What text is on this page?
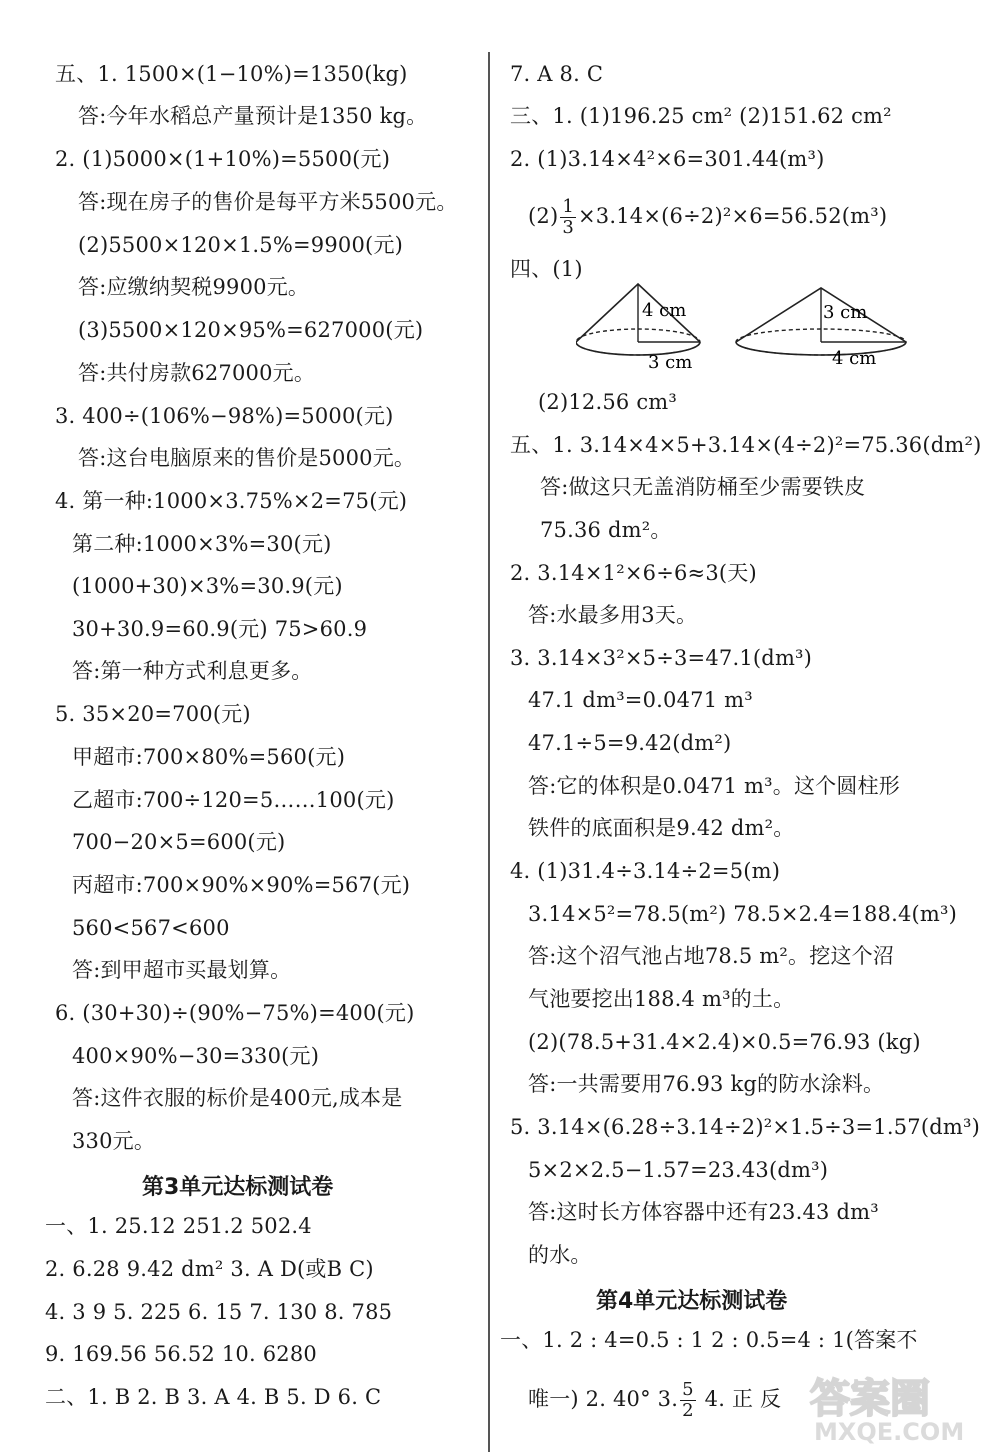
五、1. 1500×(1−10%)=1350(kg)
答:今年水稻总产量预计是1350 kg。
2. (1)5000×(1+10%)=5500(元)
答:现在房子的售价是每平方米5500元。
(2)5500×120×1.5%=9900(元)
答:应缴纳契税9900元。
(3)5500×120×95%=627000(元)
答:共付房款627000元。
3. 400÷(106%−98%)=5000(元)
答:这台电脑原来的售价是5000元。
4. 第一种:1000×3.75%×2=75(元)
第二种:1000×3%=30(元)
(1000+30)×3%=30.9(元)
30+30.9=60.9(元) 75>60.9
答:第一种方式利息更多。
5. 35×20=700(元)
甲超市:700×80%=560(元)
乙超市:700÷120=5……100(元)
700−20×5=600(元)
丙超市:700×90%×90%=567(元)
560<567<600
答:到甲超市买最划算。
6. (30+30)÷(90%−75%)=400(元)
400×90%−30=330(元)
答:这件衣服的标价是400元,成本是
330元。
第3单元达标测试卷
一、1. 25.12 251.2 502.4
2. 6.28 9.42 dm² 3. A D(或B C)
4. 3 9 5. 225 6. 15 7. 130 8. 785
9. 169.56 56.52 10. 6280
二、1. B 2. B 3. A 4. B 5. D 6. C
7. A 8. C
三、1. (1)196.25 cm² (2)151.62 cm²
2. (1)3.14×4²×6=301.44(m³)
$(2) \frac{1}{3} \times 3.14\times(6\div 2)^2\times 6=56.52(m^3)$
四、(1)
4 cm
3 cm
3 cm
4 cm
(2)12.56 cm³
五、1. 3.14×4×5+3.14×(4÷2)²=75.36(dm²)
答:做这只无盖消防桶至少需要铁皮
75.36 dm²。
2. 3.14×1²×6÷6≈3(天)
答:水最多用3天。
3. 3.14×3²×5÷3=47.1(dm³)
47.1 dm³=0.0471 m³
47.1÷5=9.42(dm²)
答:它的体积是0.0471 m³。这个圆柱形
铁件的底面积是9.42 dm²。
4. (1)31.4÷3.14÷2=5(m)
3.14×5²=78.5(m²) 78.5×2.4=188.4(m³)
答:这个沼气池占地78.5 m²。挖这个沼
气池要挖出188.4 m³的土。
(2)(78.5+31.4×2.4)×0.5=76.93 (kg)
答:一共需要用76.93 kg的防水涂料。
5. 3.14×(6.28÷3.14÷2)²×1.5÷3=1.57(dm³)
5×2×2.5−1.57=23.43(dm³)
答:这时长方体容器中还有23.43 dm³
的水。
第4单元达标测试卷
一、1. 2 : 4=0.5 : 1 2 : 0.5=4 : 1(答案不
唯一) 2. 40° 3. $\frac{5}{2} 4$. 正 反 答案圈
MXQE.COM
